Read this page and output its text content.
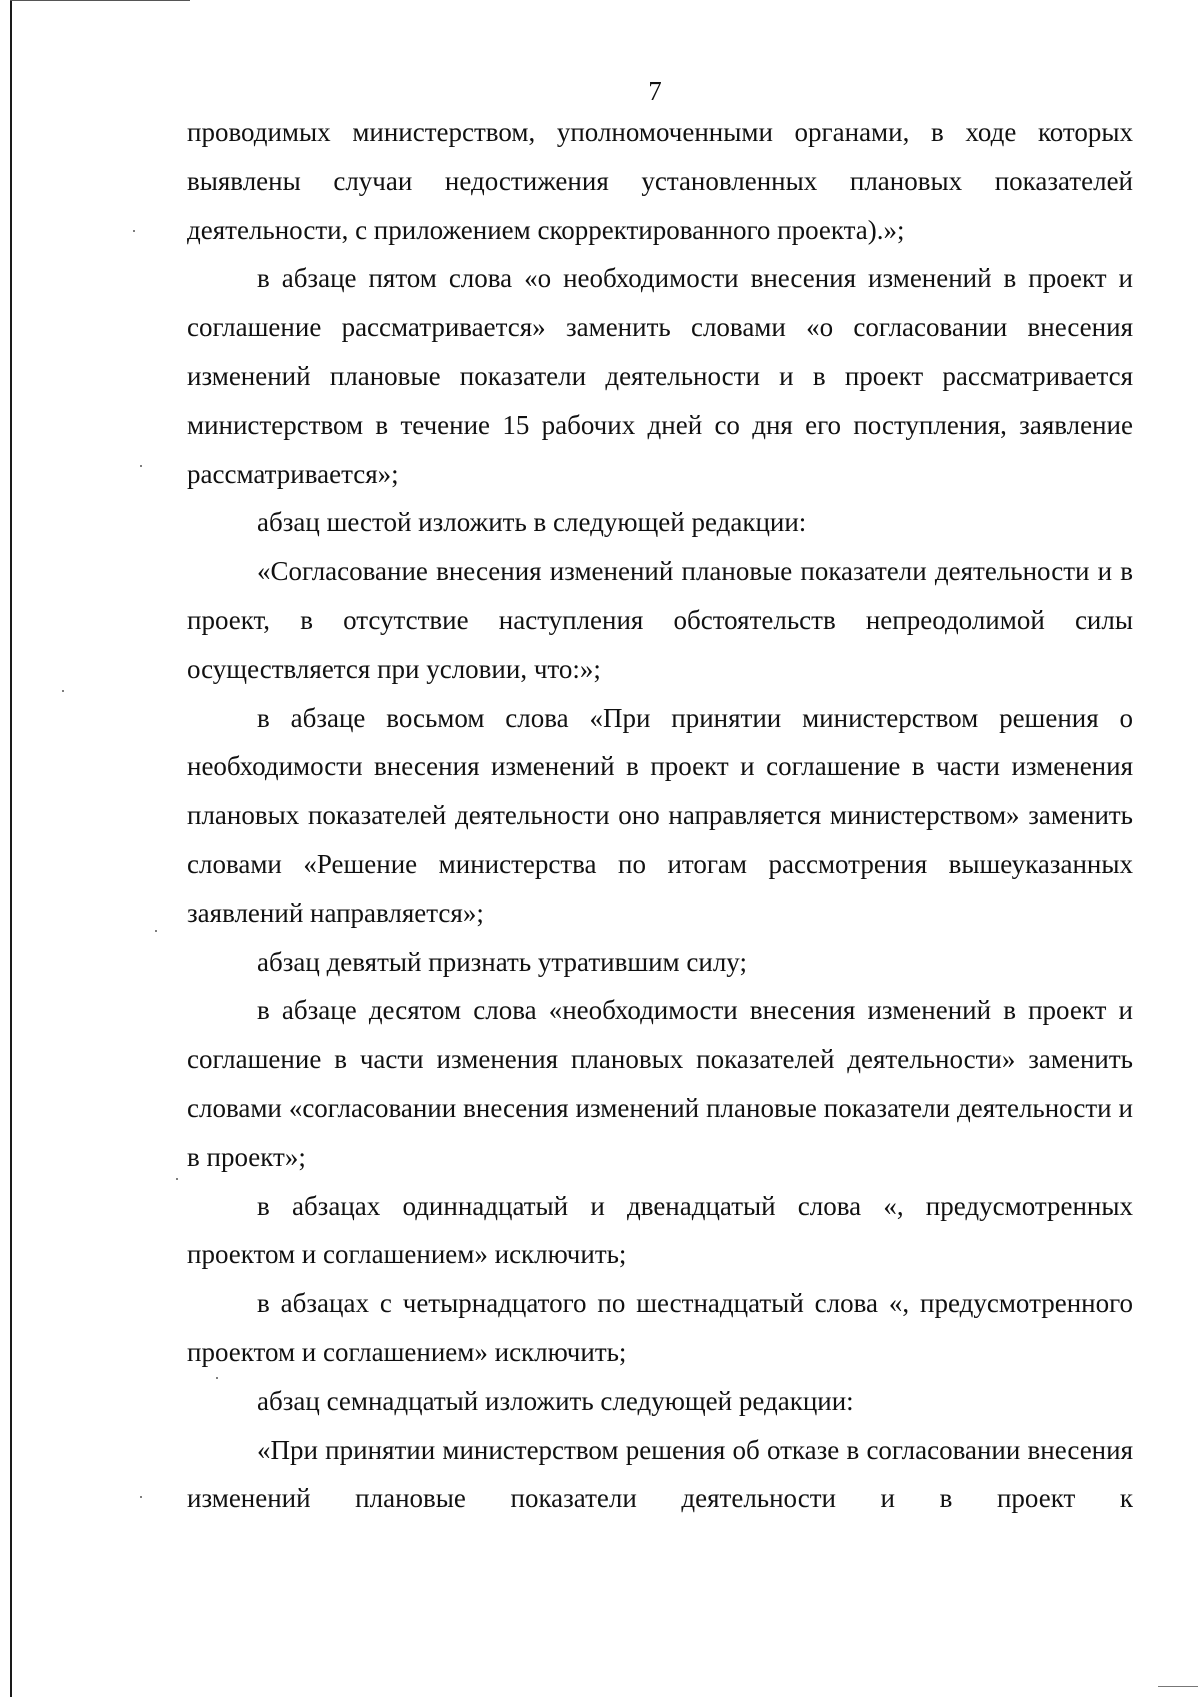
7

проводимых министерством, уполномоченными органами, в ходе которых выявлены случаи недостижения установленных плановых показателей деятельности, с приложением скорректированного проекта).»;

в абзаце пятом слова «о необходимости внесения изменений в проект и соглашение рассматривается» заменить словами «о согласовании внесения изменений плановые показатели деятельности и в проект рассматривается министерством в течение 15 рабочих дней со дня его поступления, заявление рассматривается»;

абзац шестой изложить в следующей редакции:

«Согласование внесения изменений плановые показатели деятельности и в проект, в отсутствие наступления обстоятельств непреодолимой силы осуществляется при условии, что:»;

в абзаце восьмом слова «При принятии министерством решения о необходимости внесения изменений в проект и соглашение в части изменения плановых показателей деятельности оно направляется министерством» заменить словами «Решение министерства по итогам рассмотрения вышеуказанных заявлений направляется»;

абзац девятый признать утратившим силу;

в абзаце десятом слова «необходимости внесения изменений в проект и соглашение в части изменения плановых показателей деятельности» заменить словами «согласовании внесения изменений плановые показатели деятельности и в проект»;

в абзацах одиннадцатый и двенадцатый слова «, предусмотренных проектом и соглашением» исключить;

в абзацах с четырнадцатого по шестнадцатый слова «, предусмотренного проектом и соглашением» исключить;

абзац семнадцатый изложить следующей редакции:

«При принятии министерством решения об отказе в согласовании внесения изменений плановые показатели деятельности и в проект к
